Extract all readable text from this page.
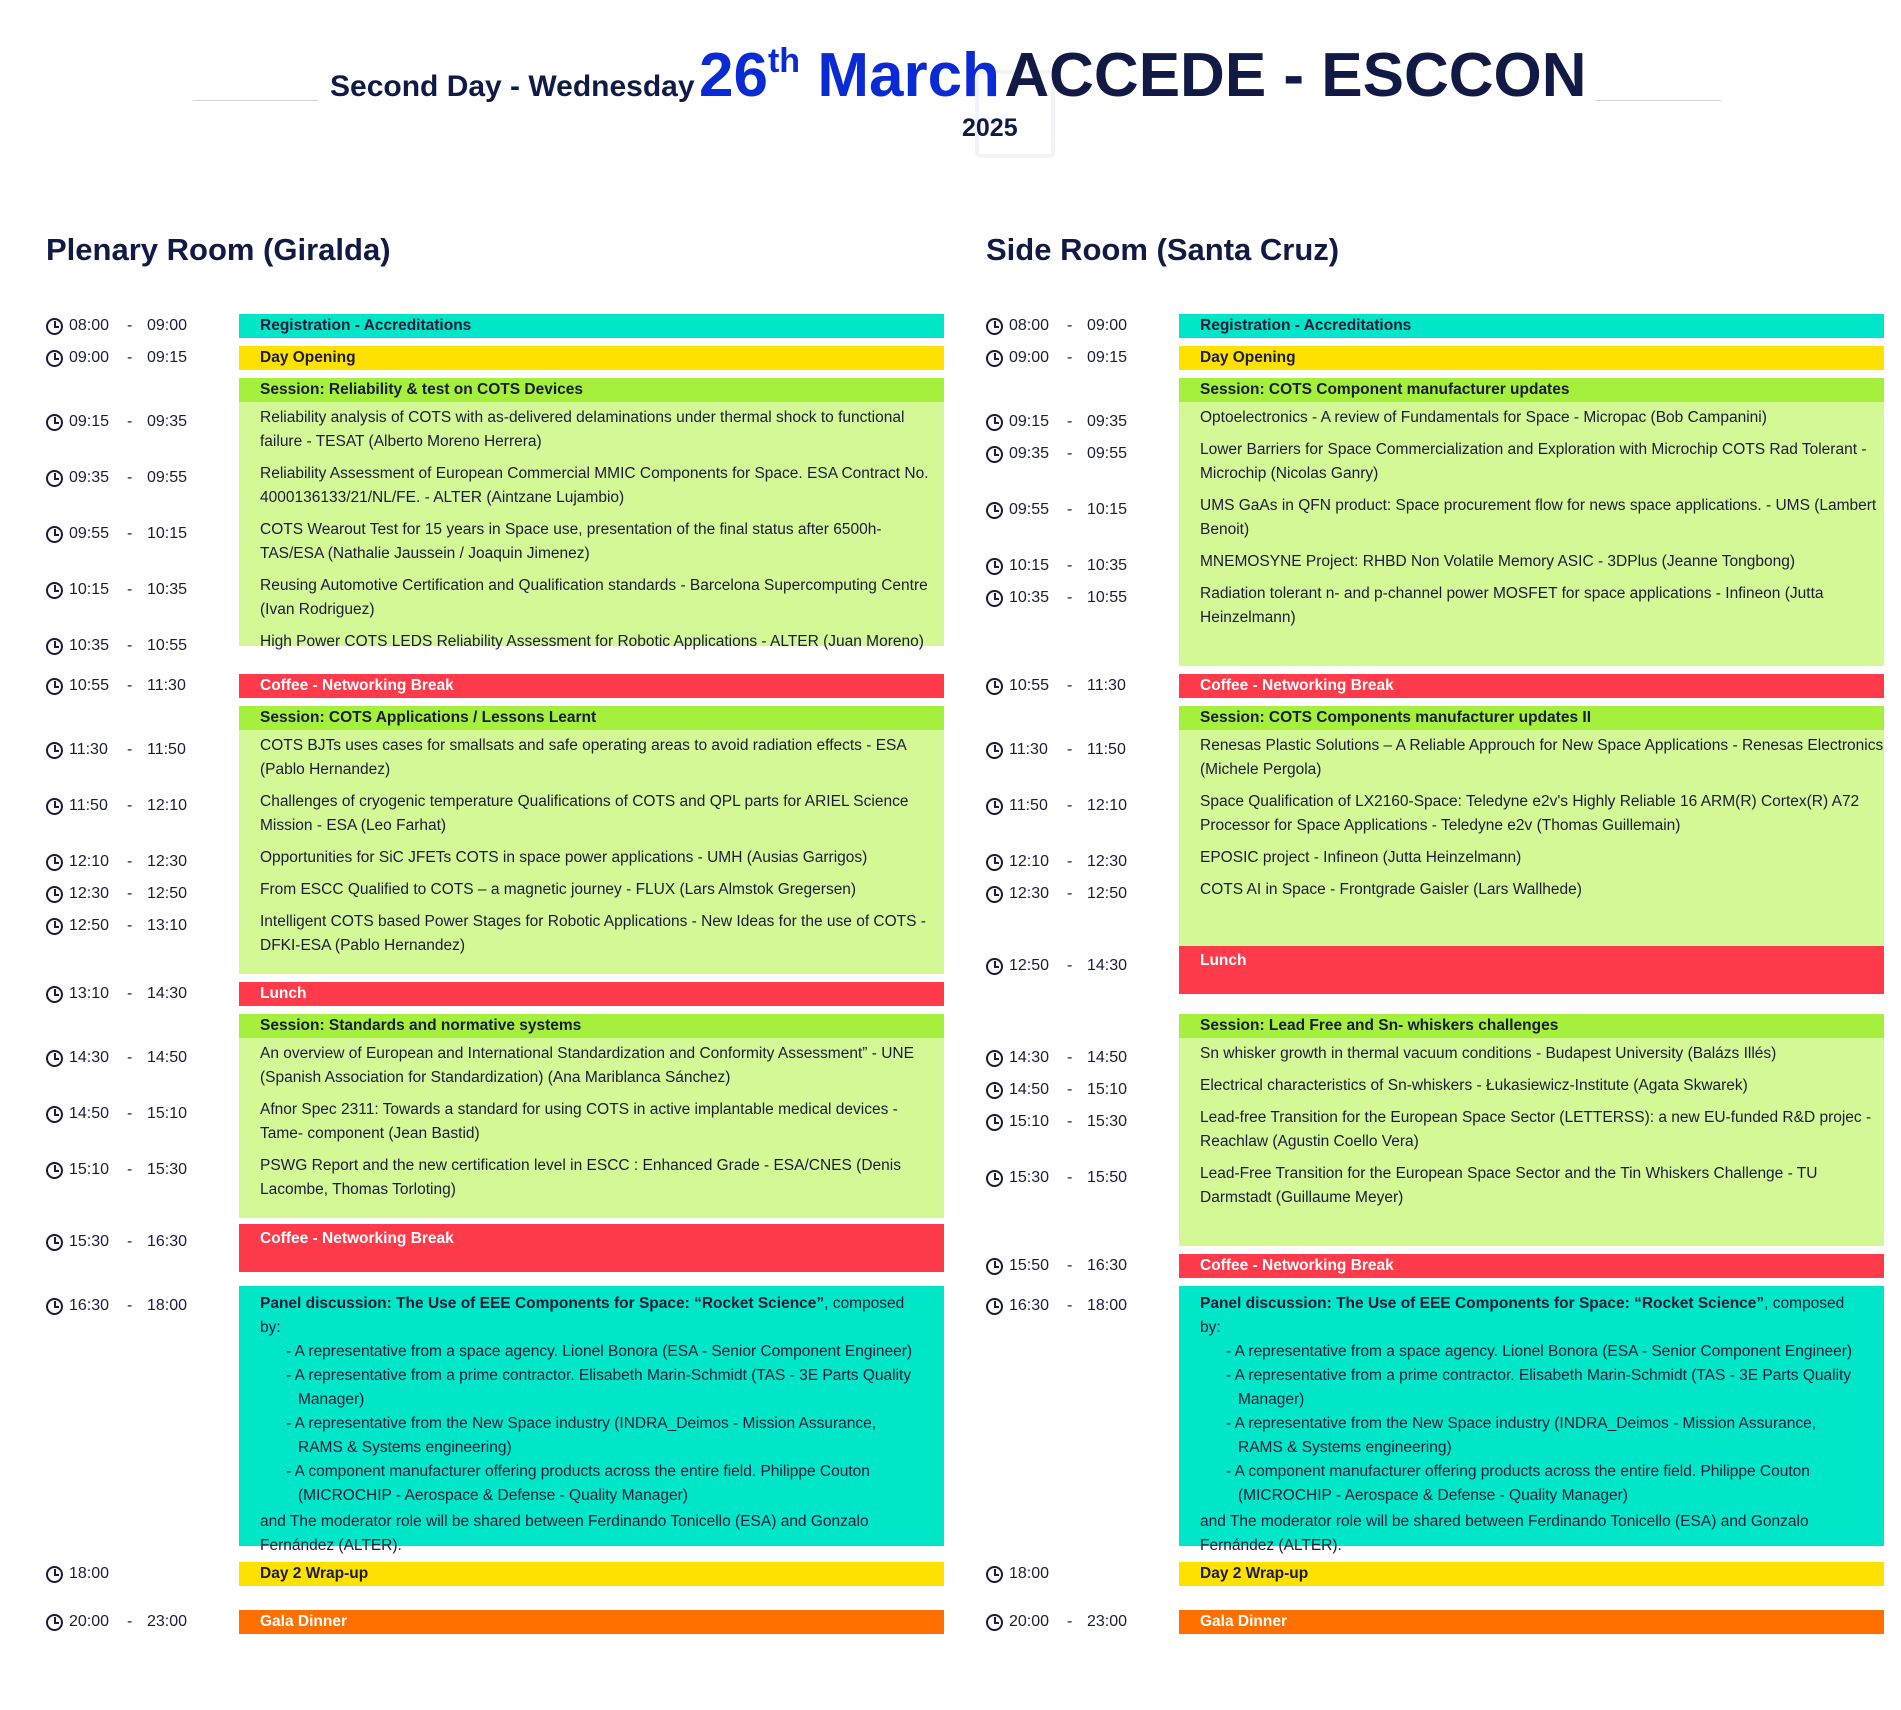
Second Day - Wednesday 26th March ACCEDE - ESCCON
2025
Plenary Room (Giralda)	Side Room (Santa Cruz)
08:00	- 09:00	Registration - Accreditations
09:00	- 09:15	Day Opening
Session: Reliability & test on COTS Devices
09:15	- 09:35	Reliability analysis of COTS with as-delivered delaminations under thermal shock to functional failure - TESAT (Alberto Moreno Herrera)
09:35	- 09:55	Reliability Assessment of European Commercial MMIC Components for Space. ESA Contract No. 4000136133/21/NL/FE. - ALTER (Aintzane Lujambio)
09:55	- 10:15	COTS Wearout Test for 15 years in Space use, presentation of the final status after 6500h- TAS/ESA (Nathalie Jaussein / Joaquin Jimenez)
10:15	- 10:35	Reusing Automotive Certification and Qualification standards - Barcelona Supercomputing Centre (Ivan Rodriguez)
10:35	- 10:55	High Power COTS LEDS Reliability Assessment for Robotic Applications - ALTER (Juan Moreno)
10:55	- 11:30	Coffee - Networking Break
Session: COTS Applications / Lessons Learnt
11:30	- 11:50	COTS BJTs uses cases for smallsats and safe operating areas to avoid radiation effects - ESA (Pablo Hernandez)
11:50	- 12:10	Challenges of cryogenic temperature Qualifications of COTS and QPL parts for ARIEL Science Mission - ESA (Leo Farhat)
12:10	- 12:30	Opportunities for SiC JFETs COTS in space power applications - UMH (Ausias Garrigos)
12:30	- 12:50	From ESCC Qualified to COTS – a magnetic journey - FLUX (Lars Almstok Gregersen)
12:50	- 13:10	Intelligent COTS based Power Stages for Robotic Applications - New Ideas for the use of COTS - DFKI-ESA (Pablo Hernandez)
13:10	- 14:30	Lunch
Session: Standards and normative systems
14:30	- 14:50	An overview of European and International Standardization and Conformity Assessment” - UNE (Spanish Association for Standardization) (Ana Mariblanca Sánchez)
14:50	- 15:10	Afnor Spec 2311: Towards a standard for using COTS in active implantable medical devices - Tame- component (Jean Bastid)
15:10	- 15:30	PSWG Report and the new certification level in ESCC : Enhanced Grade - ESA/CNES (Denis Lacombe, Thomas Torloting)
15:30	- 16:30	Coffee - Networking Break
16:30	- 18:00	Panel discussion: The Use of EEE Components for Space: “Rocket Science”, composed by:
- A representative from a space agency. Lionel Bonora (ESA - Senior Component Engineer)
- A representative from a prime contractor. Elisabeth Marin-Schmidt (TAS - 3E Parts Quality Manager)
- A representative from the New Space industry (INDRA_Deimos - Mission Assurance, RAMS & Systems engineering)
- A component manufacturer offering products across the entire field. Philippe Couton (MICROCHIP - Aerospace & Defense - Quality Manager)
and The moderator role will be shared between Ferdinando Tonicello (ESA) and Gonzalo Fernández (ALTER).
18:00	Day 2 Wrap-up
20:00	- 23:00	Gala Dinner
08:00	- 09:00	Registration - Accreditations
09:00	- 09:15	Day Opening
Session: COTS Component manufacturer updates
09:15	- 09:35	Optoelectronics - A review of Fundamentals for Space - Micropac (Bob Campanini)
09:35	- 09:55	Lower Barriers for Space Commercialization and Exploration with Microchip COTS Rad Tolerant - Microchip (Nicolas Ganry)
09:55	- 10:15	UMS GaAs in QFN product: Space procurement flow for news space applications. - UMS (Lambert Benoit)
10:15	- 10:35	MNEMOSYNE Project: RHBD Non Volatile Memory ASIC - 3DPlus (Jeanne Tongbong)
10:35	- 10:55	Radiation tolerant n- and p-channel power MOSFET for space applications - Infineon (Jutta Heinzelmann)
10:55	- 11:30	Coffee - Networking Break
Session: COTS Components manufacturer updates II
11:30	- 11:50	Renesas Plastic Solutions – A Reliable Approuch for New Space Applications - Renesas Electronics (Michele Pergola)
11:50	- 12:10	Space Qualification of LX2160-Space: Teledyne e2v's Highly Reliable 16 ARM(R) Cortex(R) A72 Processor for Space Applications - Teledyne e2v (Thomas Guillemain)
12:10	- 12:30	EPOSIC project - Infineon (Jutta Heinzelmann)
12:30	- 12:50	COTS AI in Space - Frontgrade Gaisler (Lars Wallhede)
12:50	- 14:30	Lunch
Session: Lead Free and Sn- whiskers challenges
14:30	- 14:50	Sn whisker growth in thermal vacuum conditions - Budapest University (Balázs Illés)
14:50	- 15:10	Electrical characteristics of Sn-whiskers - Łukasiewicz-Institute (Agata Skwarek)
15:10	- 15:30	Lead-free Transition for the European Space Sector (LETTERSS): a new EU-funded R&D projec - Reachlaw (Agustin Coello Vera)
15:30	- 15:50	Lead-Free Transition for the European Space Sector and the Tin Whiskers Challenge - TU Darmstadt (Guillaume Meyer)
15:50	- 16:30	Coffee - Networking Break
16:30	- 18:00	Panel discussion: The Use of EEE Components for Space: “Rocket Science”, composed by:
- A representative from a space agency. Lionel Bonora (ESA - Senior Component Engineer)
- A representative from a prime contractor. Elisabeth Marin-Schmidt (TAS - 3E Parts Quality Manager)
- A representative from the New Space industry (INDRA_Deimos - Mission Assurance, RAMS & Systems engineering)
- A component manufacturer offering products across the entire field. Philippe Couton (MICROCHIP - Aerospace & Defense - Quality Manager)
and The moderator role will be shared between Ferdinando Tonicello (ESA) and Gonzalo Fernández (ALTER).
18:00	Day 2 Wrap-up
20:00	- 23:00	Gala Dinner
